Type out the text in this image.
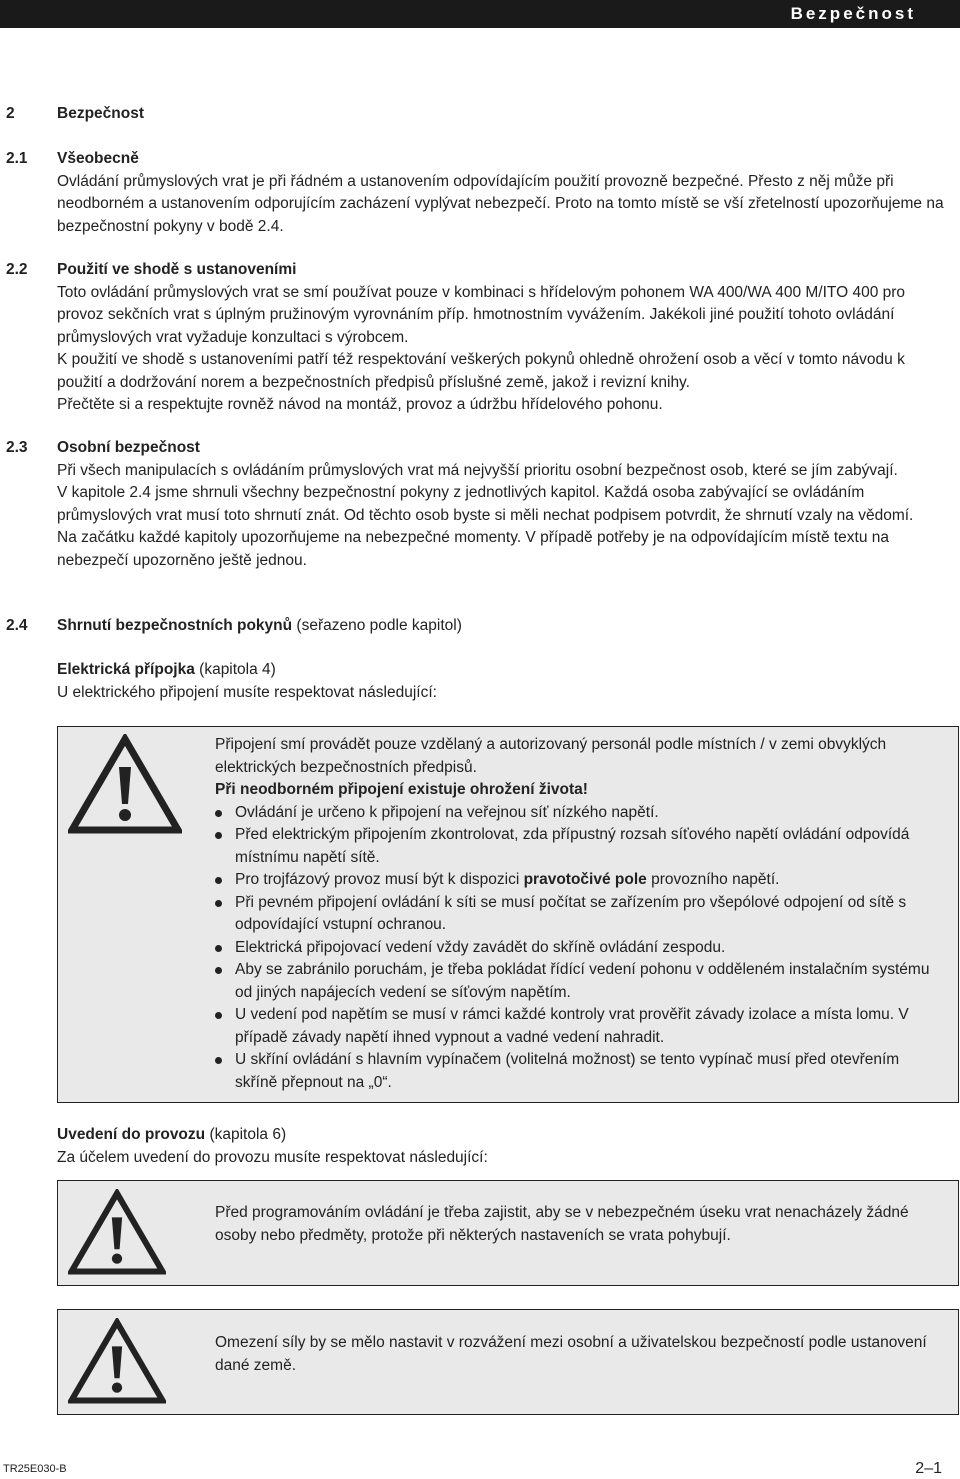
Bezpečnost
2	Bezpečnost
2.1	Všeobecně
Ovládání průmyslových vrat je při řádném a ustanovením odpovídajícím použití provozně bezpečné. Přesto z něj může při neodborném a ustanovením odporujícím zacházení vyplývat nebezpečí. Proto na tomto místě se vší zřetelností upozorňujeme na bezpečnostní pokyny v bodě 2.4.
2.2	Použití ve shodě s ustanoveními
Toto ovládání průmyslových vrat se smí používat pouze v kombinaci s hřídelovým pohonem WA 400/WA 400 M/ITO 400 pro provoz sekčních vrat s úplným pružinovým vyrovnáním příp. hmotnostním vyvážením. Jakékoli jiné použití tohoto ovládání průmyslových vrat vyžaduje konzultaci s výrobcem.
K použití ve shodě s ustanoveními patří též respektování veškerých pokynů ohledně ohrožení osob a věcí v tomto návodu k použití a dodržování norem a bezpečnostních předpisů příslušné země, jakož i revizní knihy.
Přečtěte si a respektujte rovněž návod na montáž, provoz a údržbu hřídelového pohonu.
2.3	Osobní bezpečnost
Při všech manipulacích s ovládáním průmyslových vrat má nejvyšší prioritu osobní bezpečnost osob, které se jím zabývají.
V kapitole 2.4 jsme shrnuli všechny bezpečnostní pokyny z jednotlivých kapitol. Každá osoba zabývající se ovládáním průmyslových vrat musí toto shrnutí znát. Od těchto osob byste si měli nechat podpisem potvrdit, že shrnutí vzaly na vědomí.
Na začátku každé kapitoly upozorňujeme na nebezpečné momenty. V případě potřeby je na odpovídajícím místě textu na nebezpečí upozorněno ještě jednou.
2.4	Shrnutí bezpečnostních pokynů (seřazeno podle kapitol)
Elektrická přípojka (kapitola 4)
U elektrického připojení musíte respektovat následující:
Připojení smí provádět pouze vzdělaný a autorizovaný personál podle místních / v zemi obvyklých elektrických bezpečnostních předpisů.
Při neodborném připojení existuje ohrožení života!
Ovládání je určeno k připojení na veřejnou síť nízkého napětí.
Před elektrickým připojením zkontrolovat, zda přípustný rozsah síťového napětí ovládání odpovídá místnímu napětí sítě.
Pro trojfázový provoz musí být k dispozici pravotočivé pole provozního napětí.
Při pevném připojení ovládání k síti se musí počítat se zařízením pro všepólové odpojení od sítě s odpovídající vstupní ochranou.
Elektrická připojovací vedení vždy zavádět do skříně ovládání zespodu.
Aby se zabránilo poruchám, je třeba pokládat řídící vedení pohonu v odděleném instalačním systému od jiných napájecích vedení se síťovým napětím.
U vedení pod napětím se musí v rámci každé kontroly vrat prověřit závady izolace a místa lomu. V případě závady napětí ihned vypnout a vadné vedení nahradit.
U skříní ovládání s hlavním vypínačem (volitelná možnost) se tento vypínač musí před otevřením skříně přepnout na „0“.
Uvedení do provozu (kapitola 6)
Za účelem uvedení do provozu musíte respektovat následující:
Před programováním ovládání je třeba zajistit, aby se v nebezpečném úseku vrat nenacházely žádné osoby nebo předměty, protože při některých nastaveních se vrata pohybují.
Omezení síly by se mělo nastavit v rozvážení mezi osobní a uživatelskou bezpečností podle ustanovení dané země.
TR25E030-B	2–1
